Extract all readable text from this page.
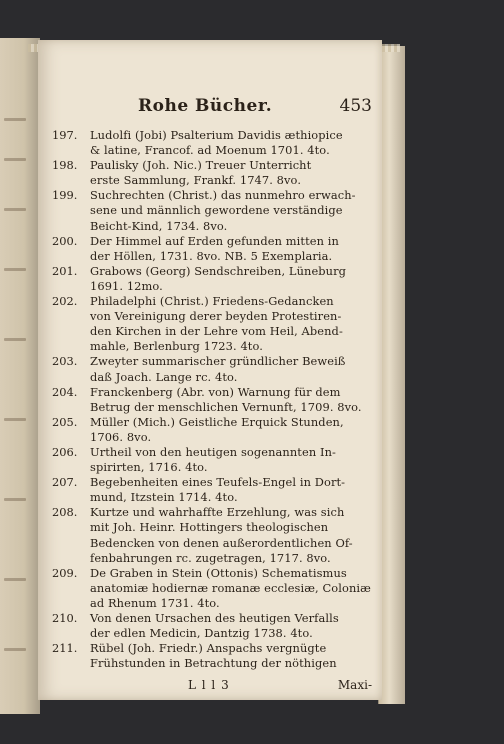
Rohe Bücher.	453
197.	Ludolfi (Jobi) Psalterium Davidis æthiopice
& latine, Francof. ad Moenum 1701. 4to.
198.	Paulisky (Joh. Nic.) Treuer Unterricht
erste Sammlung, Frankf. 1747. 8vo.
199.	Suchrechten (Christ.) das nunmehro erwach-
sene und männlich gewordene verständige
Beicht-Kind, 1734. 8vo.
200.	Der Himmel auf Erden gefunden mitten in
der Höllen, 1731. 8vo. NB. 5 Exemplaria.
201.	Grabows (Georg) Sendschreiben, Lüneburg
1691. 12mo.
202.	Philadelphi (Christ.) Friedens-Gedancken
von Vereinigung derer beyden Protestiren-
den Kirchen in der Lehre vom Heil, Abend-
mahle, Berlenburg 1723. 4to.
203.	Zweyter summarischer gründlicher Beweiß
daß Joach. Lange rc. 4to.
204.	Franckenberg (Abr. von) Warnung für dem
Betrug der menschlichen Vernunft, 1709. 8vo.
205.	Müller (Mich.) Geistliche Erquick Stunden,
1706. 8vo.
206.	Urtheil von den heutigen sogenannten In-
spirirten, 1716. 4to.
207.	Begebenheiten eines Teufels-Engel in Dort-
mund, Itzstein 1714. 4to.
208.	Kurtze und wahrhaffte Erzehlung, was sich
mit Joh. Heinr. Hottingers theologischen
Bedencken von denen außerordentlichen Of-
fenbahrungen rc. zugetragen, 1717. 8vo.
209.	De Graben in Stein (Ottonis) Schematismus
anatomiæ hodiernæ romanæ ecclesiæ, Coloniæ
ad Rhenum 1731. 4to.
210.	Von denen Ursachen des heutigen Verfalls
der edlen Medicin, Dantzig 1738. 4to.
211.	Rübel (Joh. Friedr.) Anspachs vergnügte
Frühstunden in Betrachtung der nöthigen
L l l 3	Maxi-
